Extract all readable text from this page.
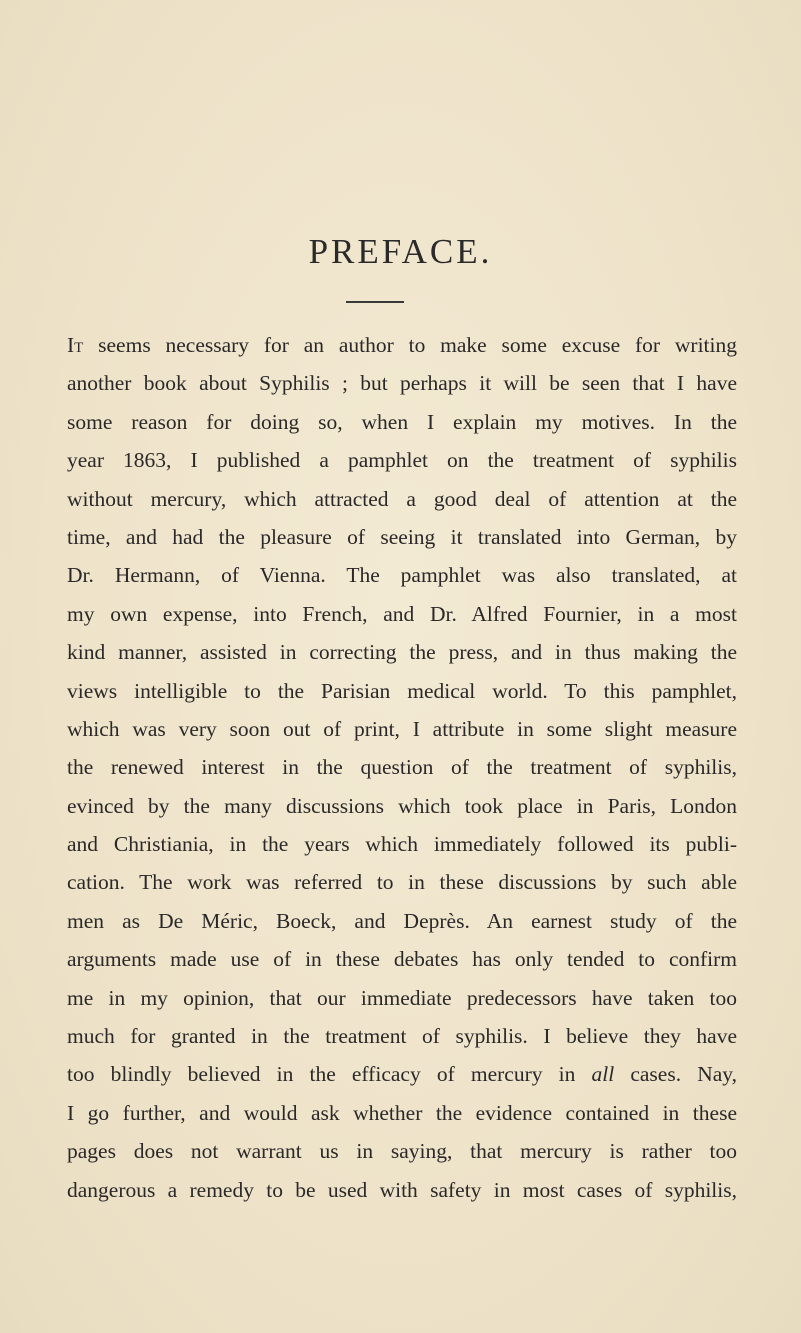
PREFACE.
It seems necessary for an author to make some excuse for writing
another book about Syphilis ; but perhaps it will be seen that I have
some reason for doing so, when I explain my motives. In the
year 1863, I published a pamphlet on the treatment of syphilis
without mercury, which attracted a good deal of attention at the
time, and had the pleasure of seeing it translated into German, by
Dr. Hermann, of Vienna. The pamphlet was also translated, at
my own expense, into French, and Dr. Alfred Fournier, in a most
kind manner, assisted in correcting the press, and in thus making the
views intelligible to the Parisian medical world. To this pamphlet,
which was very soon out of print, I attribute in some slight measure
the renewed interest in the question of the treatment of syphilis,
evinced by the many discussions which took place in Paris, London
and Christiania, in the years which immediately followed its publi-
cation. The work was referred to in these discussions by such able
men as De Méric, Boeck, and Deprès. An earnest study of the
arguments made use of in these debates has only tended to confirm
me in my opinion, that our immediate predecessors have taken too
much for granted in the treatment of syphilis. I believe they have
too blindly believed in the efficacy of mercury in all cases. Nay,
I go further, and would ask whether the evidence contained in these
pages does not warrant us in saying, that mercury is rather too
dangerous a remedy to be used with safety in most cases of syphilis,
